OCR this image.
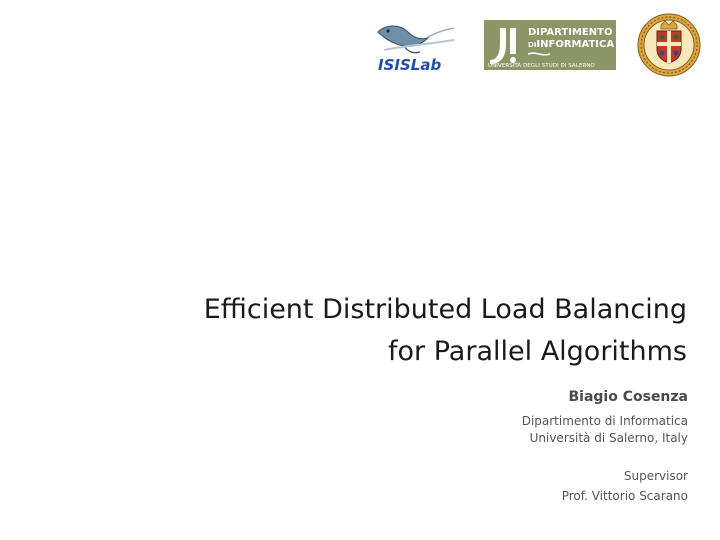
ISISLab
DIPARTIMENTO
DIINFORMATICA
UNIVERSITÀ DEGLI STUDI DI SALERNO
Efficient Distributed Load Balancing
for Parallel Algorithms
Biagio Cosenza
Dipartimento di Informatica
Università di Salerno, Italy
Supervisor
Prof. Vittorio Scarano
